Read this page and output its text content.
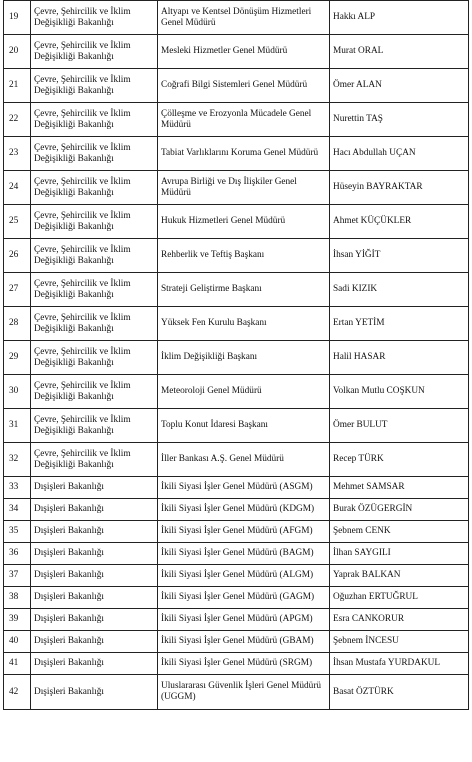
19	Çevre, Şehircilik ve İklim Değişikliği Bakanlığı	Altyapı ve Kentsel Dönüşüm Hizmetleri Genel Müdürü	Hakkı ALP
20	Çevre, Şehircilik ve İklim Değişikliği Bakanlığı	Mesleki Hizmetler Genel Müdürü	Murat ORAL
21	Çevre, Şehircilik ve İklim Değişikliği Bakanlığı	Coğrafi Bilgi Sistemleri Genel Müdürü	Ömer ALAN
22	Çevre, Şehircilik ve İklim Değişikliği Bakanlığı	Çölleşme ve Erozyonla Mücadele Genel Müdürü	Nurettin TAŞ
23	Çevre, Şehircilik ve İklim Değişikliği Bakanlığı	Tabiat Varlıklarını Koruma Genel Müdürü	Hacı Abdullah UÇAN
24	Çevre, Şehircilik ve İklim Değişikliği Bakanlığı	Avrupa Birliği ve Dış İlişkiler Genel Müdürü	Hüseyin BAYRAKTAR
25	Çevre, Şehircilik ve İklim Değişikliği Bakanlığı	Hukuk Hizmetleri Genel Müdürü	Ahmet KÜÇÜKLER
26	Çevre, Şehircilik ve İklim Değişikliği Bakanlığı	Rehberlik ve Teftiş Başkanı	İhsan YİĞİT
27	Çevre, Şehircilik ve İklim Değişikliği Bakanlığı	Strateji Geliştirme Başkanı	Sadi KIZIK
28	Çevre, Şehircilik ve İklim Değişikliği Bakanlığı	Yüksek Fen Kurulu Başkanı	Ertan YETİM
29	Çevre, Şehircilik ve İklim Değişikliği Bakanlığı	İklim Değişikliği Başkanı	Halil HASAR
30	Çevre, Şehircilik ve İklim Değişikliği Bakanlığı	Meteoroloji Genel Müdürü	Volkan Mutlu COŞKUN
31	Çevre, Şehircilik ve İklim Değişikliği Bakanlığı	Toplu Konut İdaresi Başkanı	Ömer BULUT
32	Çevre, Şehircilik ve İklim Değişikliği Bakanlığı	İller Bankası A.Ş. Genel Müdürü	Recep TÜRK
33	Dışişleri Bakanlığı	İkili Siyasi İşler Genel Müdürü (ASGM)	Mehmet SAMSAR
34	Dışişleri Bakanlığı	İkili Siyasi İşler Genel Müdürü (KDGM)	Burak ÖZÜGERGİN
35	Dışişleri Bakanlığı	İkili Siyasi İşler Genel Müdürü (AFGM)	Şebnem CENK
36	Dışişleri Bakanlığı	İkili Siyasi İşler Genel Müdürü (BAGM)	İlhan SAYGILI
37	Dışişleri Bakanlığı	İkili Siyasi İşler Genel Müdürü (ALGM)	Yaprak BALKAN
38	Dışişleri Bakanlığı	İkili Siyasi İşler Genel Müdürü (GAGM)	Oğuzhan ERTUĞRUL
39	Dışişleri Bakanlığı	İkili Siyasi İşler Genel Müdürü (APGM)	Esra CANKORUR
40	Dışişleri Bakanlığı	İkili Siyasi İşler Genel Müdürü (GBAM)	Şebnem İNCESU
41	Dışişleri Bakanlığı	İkili Siyasi İşler Genel Müdürü (SRGM)	İhsan Mustafa YURDAKUL
42	Dışişleri Bakanlığı	Uluslararası Güvenlik İşleri Genel Müdürü (UGGM)	Basat ÖZTÜRK
